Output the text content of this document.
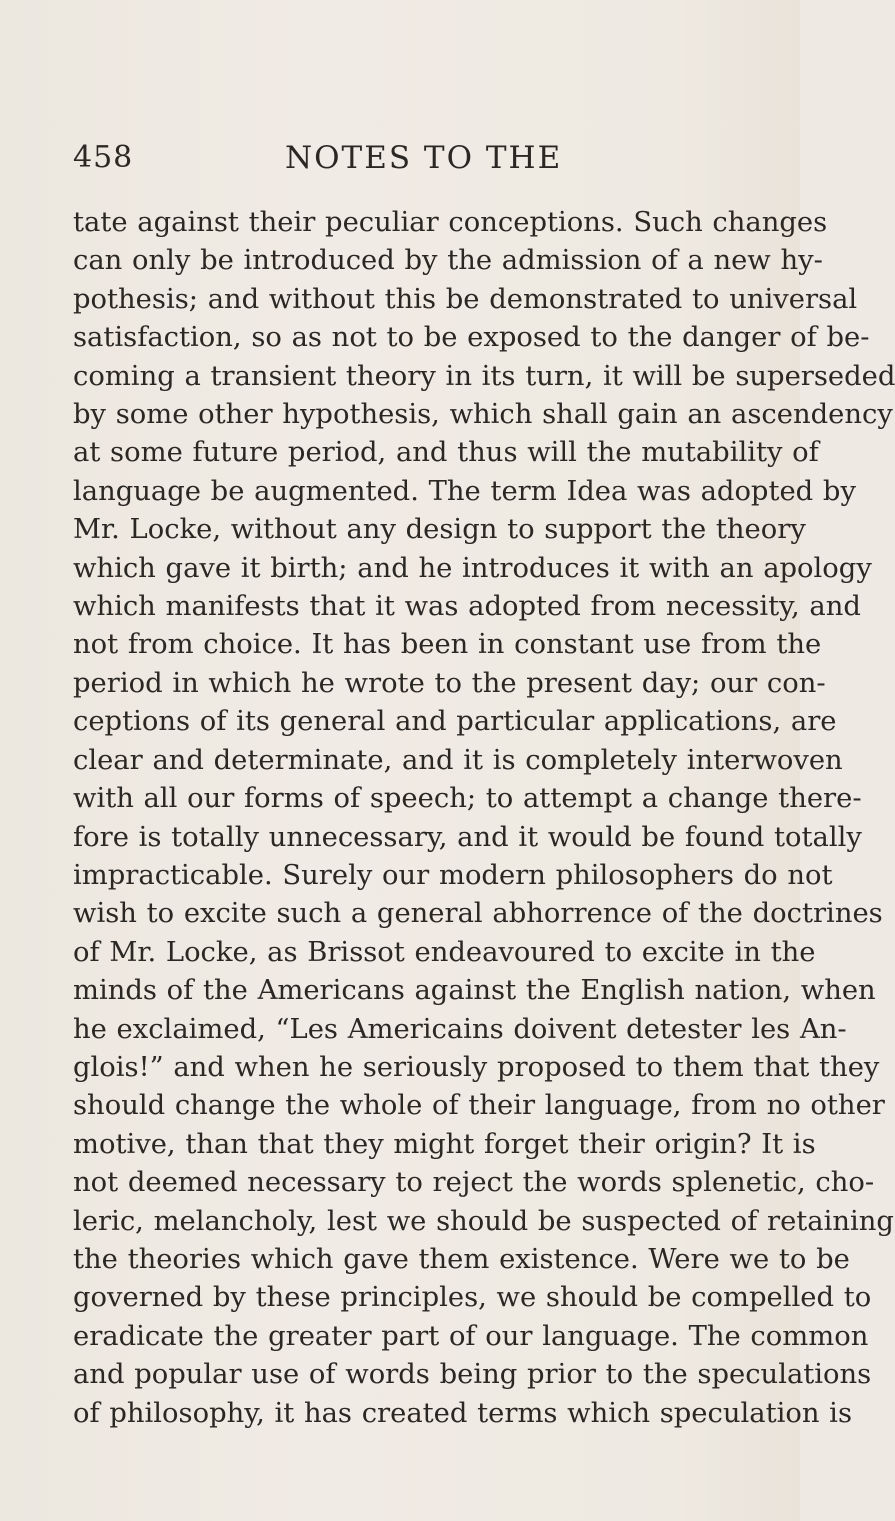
458	NOTES TO THE
tate against their peculiar conceptions. Such changes
can only be introduced by the admission of a new hy-
pothesis; and without this be demonstrated to universal
satisfaction, so as not to be exposed to the danger of be-
coming a transient theory in its turn, it will be superseded
by some other hypothesis, which shall gain an ascendency
at some future period, and thus will the mutability of
language be augmented. The term Idea was adopted by
Mr. Locke, without any design to support the theory
which gave it birth; and he introduces it with an apology
which manifests that it was adopted from necessity, and
not from choice. It has been in constant use from the
period in which he wrote to the present day; our con-
ceptions of its general and particular applications, are
clear and determinate, and it is completely interwoven
with all our forms of speech; to attempt a change there-
fore is totally unnecessary, and it would be found totally
impracticable. Surely our modern philosophers do not
wish to excite such a general abhorrence of the doctrines
of Mr. Locke, as Brissot endeavoured to excite in the
minds of the Americans against the English nation, when
he exclaimed, “Les Americains doivent detester les An-
glois!” and when he seriously proposed to them that they
should change the whole of their language, from no other
motive, than that they might forget their origin? It is
not deemed necessary to reject the words splenetic, cho-
leric, melancholy, lest we should be suspected of retaining
the theories which gave them existence. Were we to be
governed by these principles, we should be compelled to
eradicate the greater part of our language. The common
and popular use of words being prior to the speculations
of philosophy, it has created terms which speculation is
